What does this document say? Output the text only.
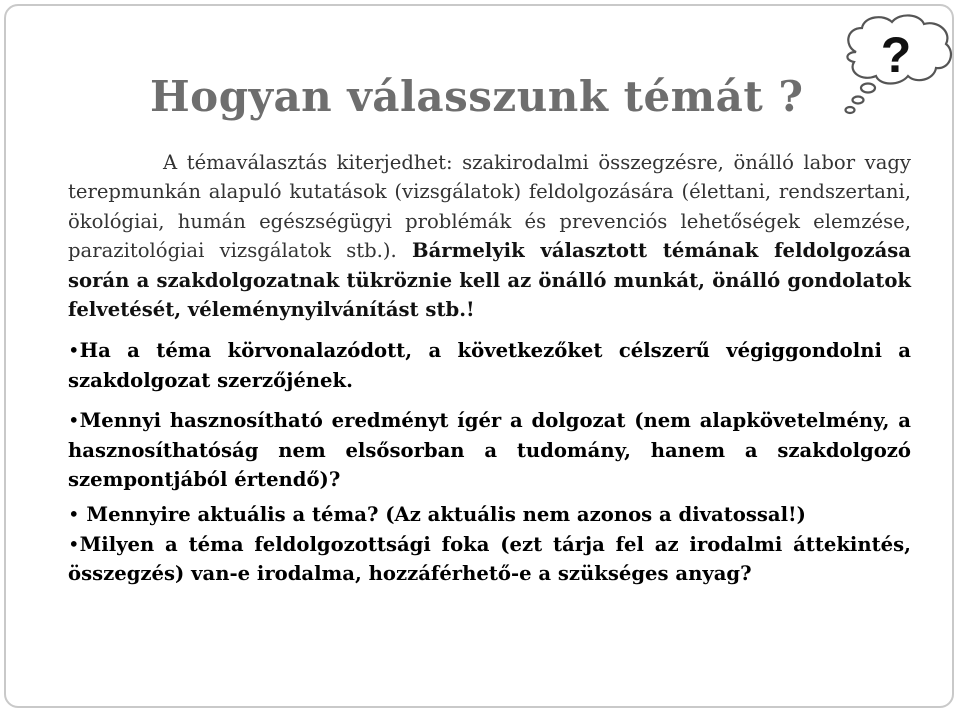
Hogyan válasszunk témát ?
?

A témaválasztás kiterjedhet: szakirodalmi összegzésre, önálló labor vagy terepmunkán alapuló kutatások (vizsgálatok) feldolgozására (élettani, rendszertani, ökológiai, humán egészségügyi problémák és prevenciós lehetőségek elemzése, parazitológiai vizsgálatok stb.). Bármelyik választott témának feldolgozása során a szakdolgozatnak tükröznie kell az önálló munkát, önálló gondolatok felvetését, véleménynyilvánítást stb.!

•Ha a téma körvonalazódott, a következőket célszerű végiggondolni a szakdolgozat szerzőjének.

•Mennyi hasznosítható eredményt ígér a dolgozat (nem alapkövetelmény, a hasznosíthatóság nem elsősorban a tudomány, hanem a szakdolgozó szempontjából értendő)?

• Mennyire aktuális a téma? (Az aktuális nem azonos a divatossal!)

•Milyen a téma feldolgozottsági foka (ezt tárja fel az irodalmi áttekintés, összegzés) van-e irodalma, hozzáférhető-e a szükséges anyag?
